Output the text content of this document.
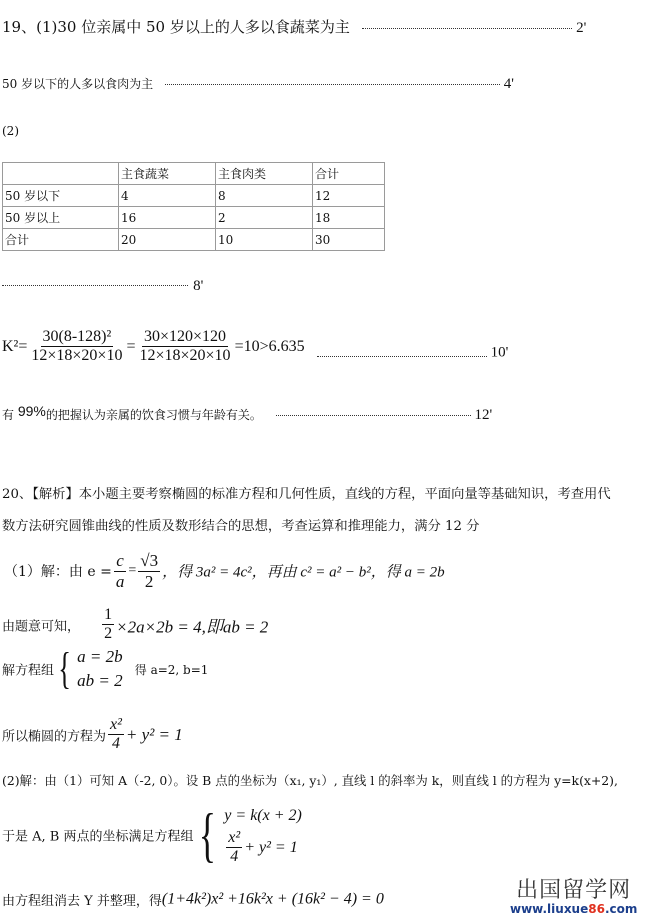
19、(1)30 位亲属中 50 岁以上的人多以食蔬菜为主	2'
50 岁以下的人多以食肉为主	4'
(2)
	主食蔬菜	主食肉类	合计
50 岁以下	4	8	12
50 岁以上	16	2	18
合计	20	10	30
8'
$K^2= \frac{\text{30(8-128)²}}{12\times 18\times 20\times 10} = \frac{30\times 120\times 120}{12\times 18\times 20\times 10} =10>6.635$	10'
有 99%的把握认为亲属的饮食习惯与年龄有关。	12'
20、【解析】本小题主要考察椭圆的标准方程和几何性质，直线的方程，平面向量等基础知识，考查用代
数方法研究圆锥曲线的性质及数形结合的思想，考查运算和推理能力，满分 12 分
（1）解：由 $e = \frac{c}{a} = \frac{√3}{2}$ ，得 3a² = 4c²，再由 c² = a² − b²，得 a = 2b
由题意可知， $\frac{1}{2} \times 2a\times 2b = 4$,即ab = 2
解方程组 { a = 2b
ab = 2
得 a=2, b=1
所以椭圆的方程为 $\frac{\text{x²}}{4} + y^2 = 1$
(2)解：由（1）可知 A（-2, 0）。设 B 点的坐标为（x₁, y₁）, 直线 l 的斜率为 k，则直线 l 的方程为 y=k(x+2),
于是 A, B 两点的坐标满足方程组 { y = k(x + 2)
$\frac{\text{x²}}{4} + y^2 = 1$
由方程组消去 Y 并整理，得(1+4k²)x² +16k²x + (16k² − 4) = 0	出国留学网
www.liuxue86.com
